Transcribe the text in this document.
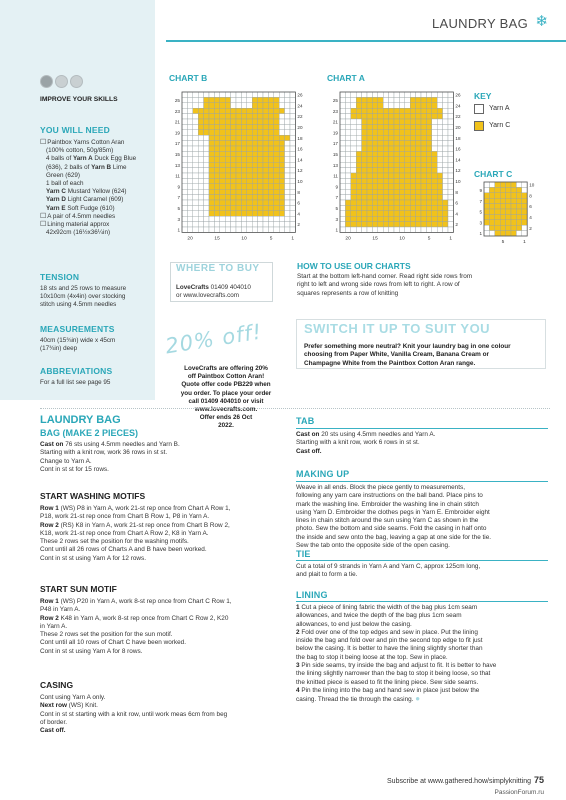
LAUNDRY BAG ❄
IMPROVE YOUR SKILLS
YOU WILL NEED
☐ Paintbox Yarns Cotton Aran
(100% cotton, 50g/85m)
4 balls of Yarn A Duck Egg Blue
(636), 2 balls of Yarn B Lime
Green (629)
1 ball of each
Yarn C Mustard Yellow (624)
Yarn D Light Caramel (609)
Yarn E Soft Fudge (610)
☐ A pair of 4.5mm needles
☐ Lining material approx
42x92cm (16½x36¼in)
TENSION
18 sts and 25 rows to measure
10x10cm (4x4in) over stocking
stitch using 4.5mm needles
MEASUREMENTS
40cm (15¾in) wide x 45cm
(17¾in) deep
ABBREVIATIONS
For a full list see page 95
CHART B	CHART A
CHART C
25
23
21
19
17
15
13
11
9
7
5
3
1
26
24
22
20
18
16
14
12
10
8
6
4
2
20	15	10	5	1
25
23
21
19
17
15
13
11
9
7
5
3
1
26
24
22
20
18
16
14
12
10
8
6
4
2
20	15	10	5	1
9
7
5
3
1
10
8
6
4
2
5	1
KEY
Yarn A
Yarn C
WHERE TO BUY
LoveCrafts 01409 404010
or www.lovecrafts.com
20% off!
LoveCrafts are offering 20%
off Paintbox Cotton Aran!
Quote offer code PB229 when
you order. To place your order
call 01409 404010 or visit
www.lovecrafts.com.
Offer ends 26 Oct
2022.
HOW TO USE OUR CHARTS
Start at the bottom left-hand corner. Read right side rows from
right to left and wrong side rows from left to right. A row of
squares represents a row of knitting
SWITCH IT UP TO SUIT YOU
Prefer something more neutral? Knit your laundry bag in one colour
choosing from Paper White, Vanilla Cream, Banana Cream or
Champagne White from the Paintbox Cotton Aran range.
LAUNDRY BAG
BAG (MAKE 2 PIECES)
Cast on 76 sts using 4.5mm needles and Yarn B.
Starting with a knit row, work 36 rows in st st.
Change to Yarn A.
Cont in st st for 15 rows.
START WASHING MOTIFS
Row 1 (WS) P8 in Yarn A, work 21-st rep once from Chart A Row 1,
P18, work 21-st rep once from Chart B Row 1, P8 in Yarn A.
Row 2 (RS) K8 in Yarn A, work 21-st rep once from Chart B Row 2,
K18, work 21-st rep once from Chart A Row 2, K8 in Yarn A.
These 2 rows set the position for the washing motifs.
Cont until all 26 rows of Charts A and B have been worked.
Cont in st st using Yarn A for 12 rows.
START SUN MOTIF
Row 1 (WS) P20 in Yarn A, work 8-st rep once from Chart C Row 1,
P48 in Yarn A.
Row 2 K48 in Yarn A, work 8-st rep once from Chart C Row 2, K20
in Yarn A.
These 2 rows set the position for the sun motif.
Cont until all 10 rows of Chart C have been worked.
Cont in st st using Yarn A for 8 rows.
CASING
Cont using Yarn A only.
Next row (WS) Knit.
Cont in st st starting with a knit row, until work meas 6cm from beg
of border.
Cast off.
TAB
Cast on 20 sts using 4.5mm needles and Yarn A.
Starting with a knit row, work 6 rows in st st.
Cast off.
MAKING UP
Weave in all ends. Block the piece gently to measurements,
following any yarn care instructions on the ball band. Place pins to
mark the washing line. Embroider the washing line in chain stitch
using Yarn D. Embroider the clothes pegs in Yarn E. Embroider eight
lines in chain stitch around the sun using Yarn C as shown in the
photo. Sew the bottom and side seams. Fold the casing in half onto
the inside and sew onto the bag, leaving a gap at one side for the tie.
Sew the tab onto the opposite side of the open casing.
TIE
Cut a total of 9 strands in Yarn A and Yarn C, approx 125cm long,
and plait to form a tie.
LINING
1 Cut a piece of lining fabric the width of the bag plus 1cm seam
allowances, and twice the depth of the bag plus 1cm seam
allowances, to end just below the casing.
2 Fold over one of the top edges and sew in place. Put the lining
inside the bag and fold over and pin the second top edge to fit just
below the casing. It is better to have the lining slightly shorter than
the bag to stop it being loose at the top. Sew in place.
3 Pin side seams, try inside the bag and adjust to fit. It is better to have
the lining slightly narrower than the bag to stop it being loose, so that
the knitted piece is eased to fit the lining piece. Sew side seams.
4 Pin the lining into the bag and hand sew in place just below the
casing. Thread the tie through the casing. ●
Subscribe at www.gathered.how/simplyknitting 75
PassionForum.ru
